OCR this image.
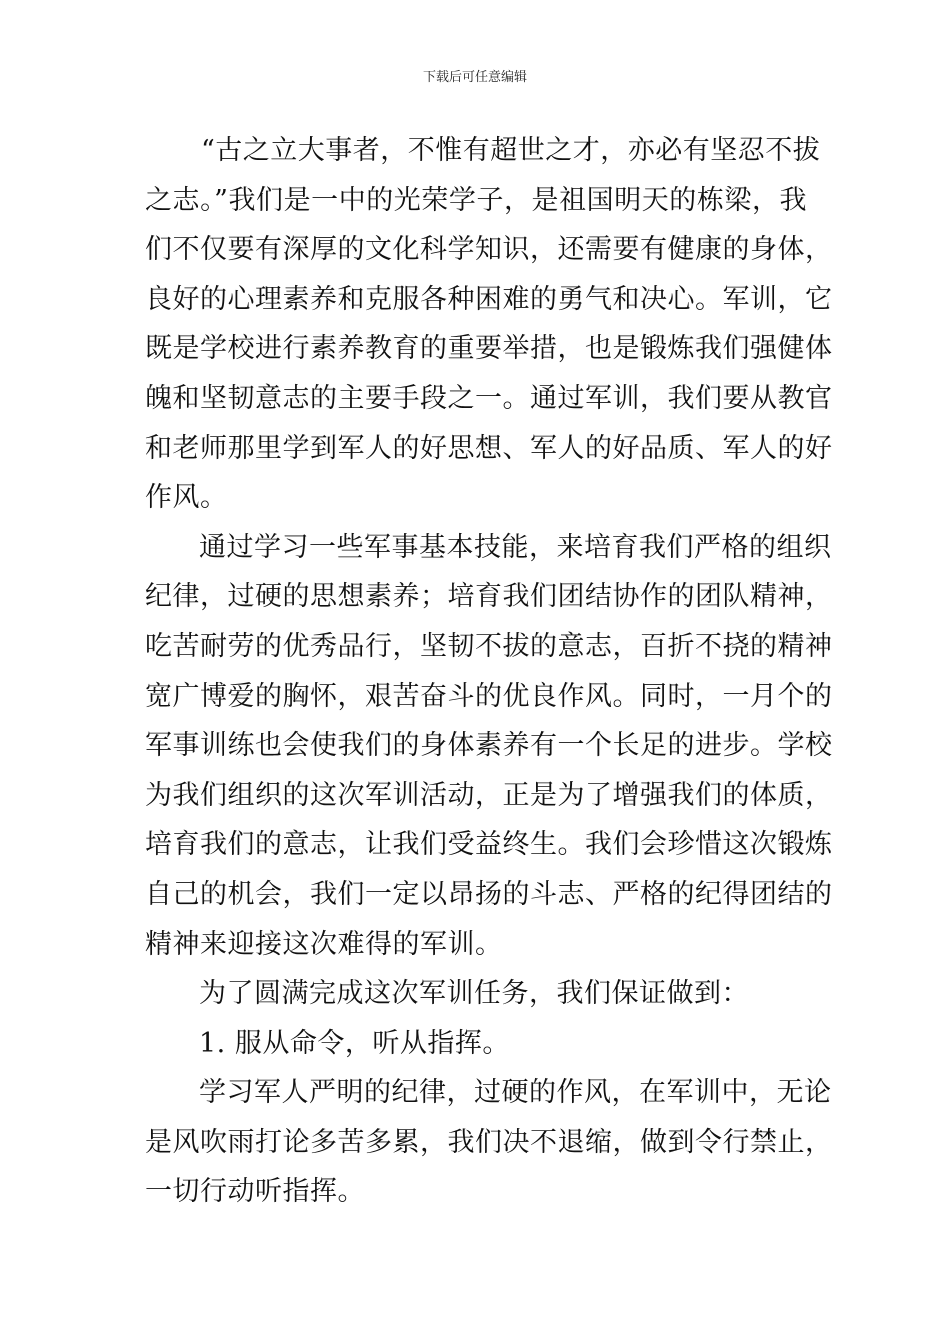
下载后可任意编辑
“古之立大事者，不惟有超世之才，亦必有坚忍不拔
之志。”我们是一中的光荣学子，是祖国明天的栋梁，我
们不仅要有深厚的文化科学知识，还需要有健康的身体，
良好的心理素养和克服各种困难的勇气和决心。军训，它
既是学校进行素养教育的重要举措，也是锻炼我们强健体
魄和坚韧意志的主要手段之一。通过军训，我们要从教官
和老师那里学到军人的好思想、军人的好品质、军人的好
作风。
通过学习一些军事基本技能，来培育我们严格的组织
纪律，过硬的思想素养；培育我们团结协作的团队精神，
吃苦耐劳的优秀品行，坚韧不拔的意志，百折不挠的精神
宽广博爱的胸怀，艰苦奋斗的优良作风。同时，一月个的
军事训练也会使我们的身体素养有一个长足的进步。学校
为我们组织的这次军训活动，正是为了增强我们的体质，
培育我们的意志，让我们受益终生。我们会珍惜这次锻炼
自己的机会，我们一定以昂扬的斗志、严格的纪得团结的
精神来迎接这次难得的军训。
为了圆满完成这次军训任务，我们保证做到：
1. 服从命令，听从指挥。
学习军人严明的纪律，过硬的作风，在军训中，无论
是风吹雨打论多苦多累，我们决不退缩，做到令行禁止，
一切行动听指挥。
